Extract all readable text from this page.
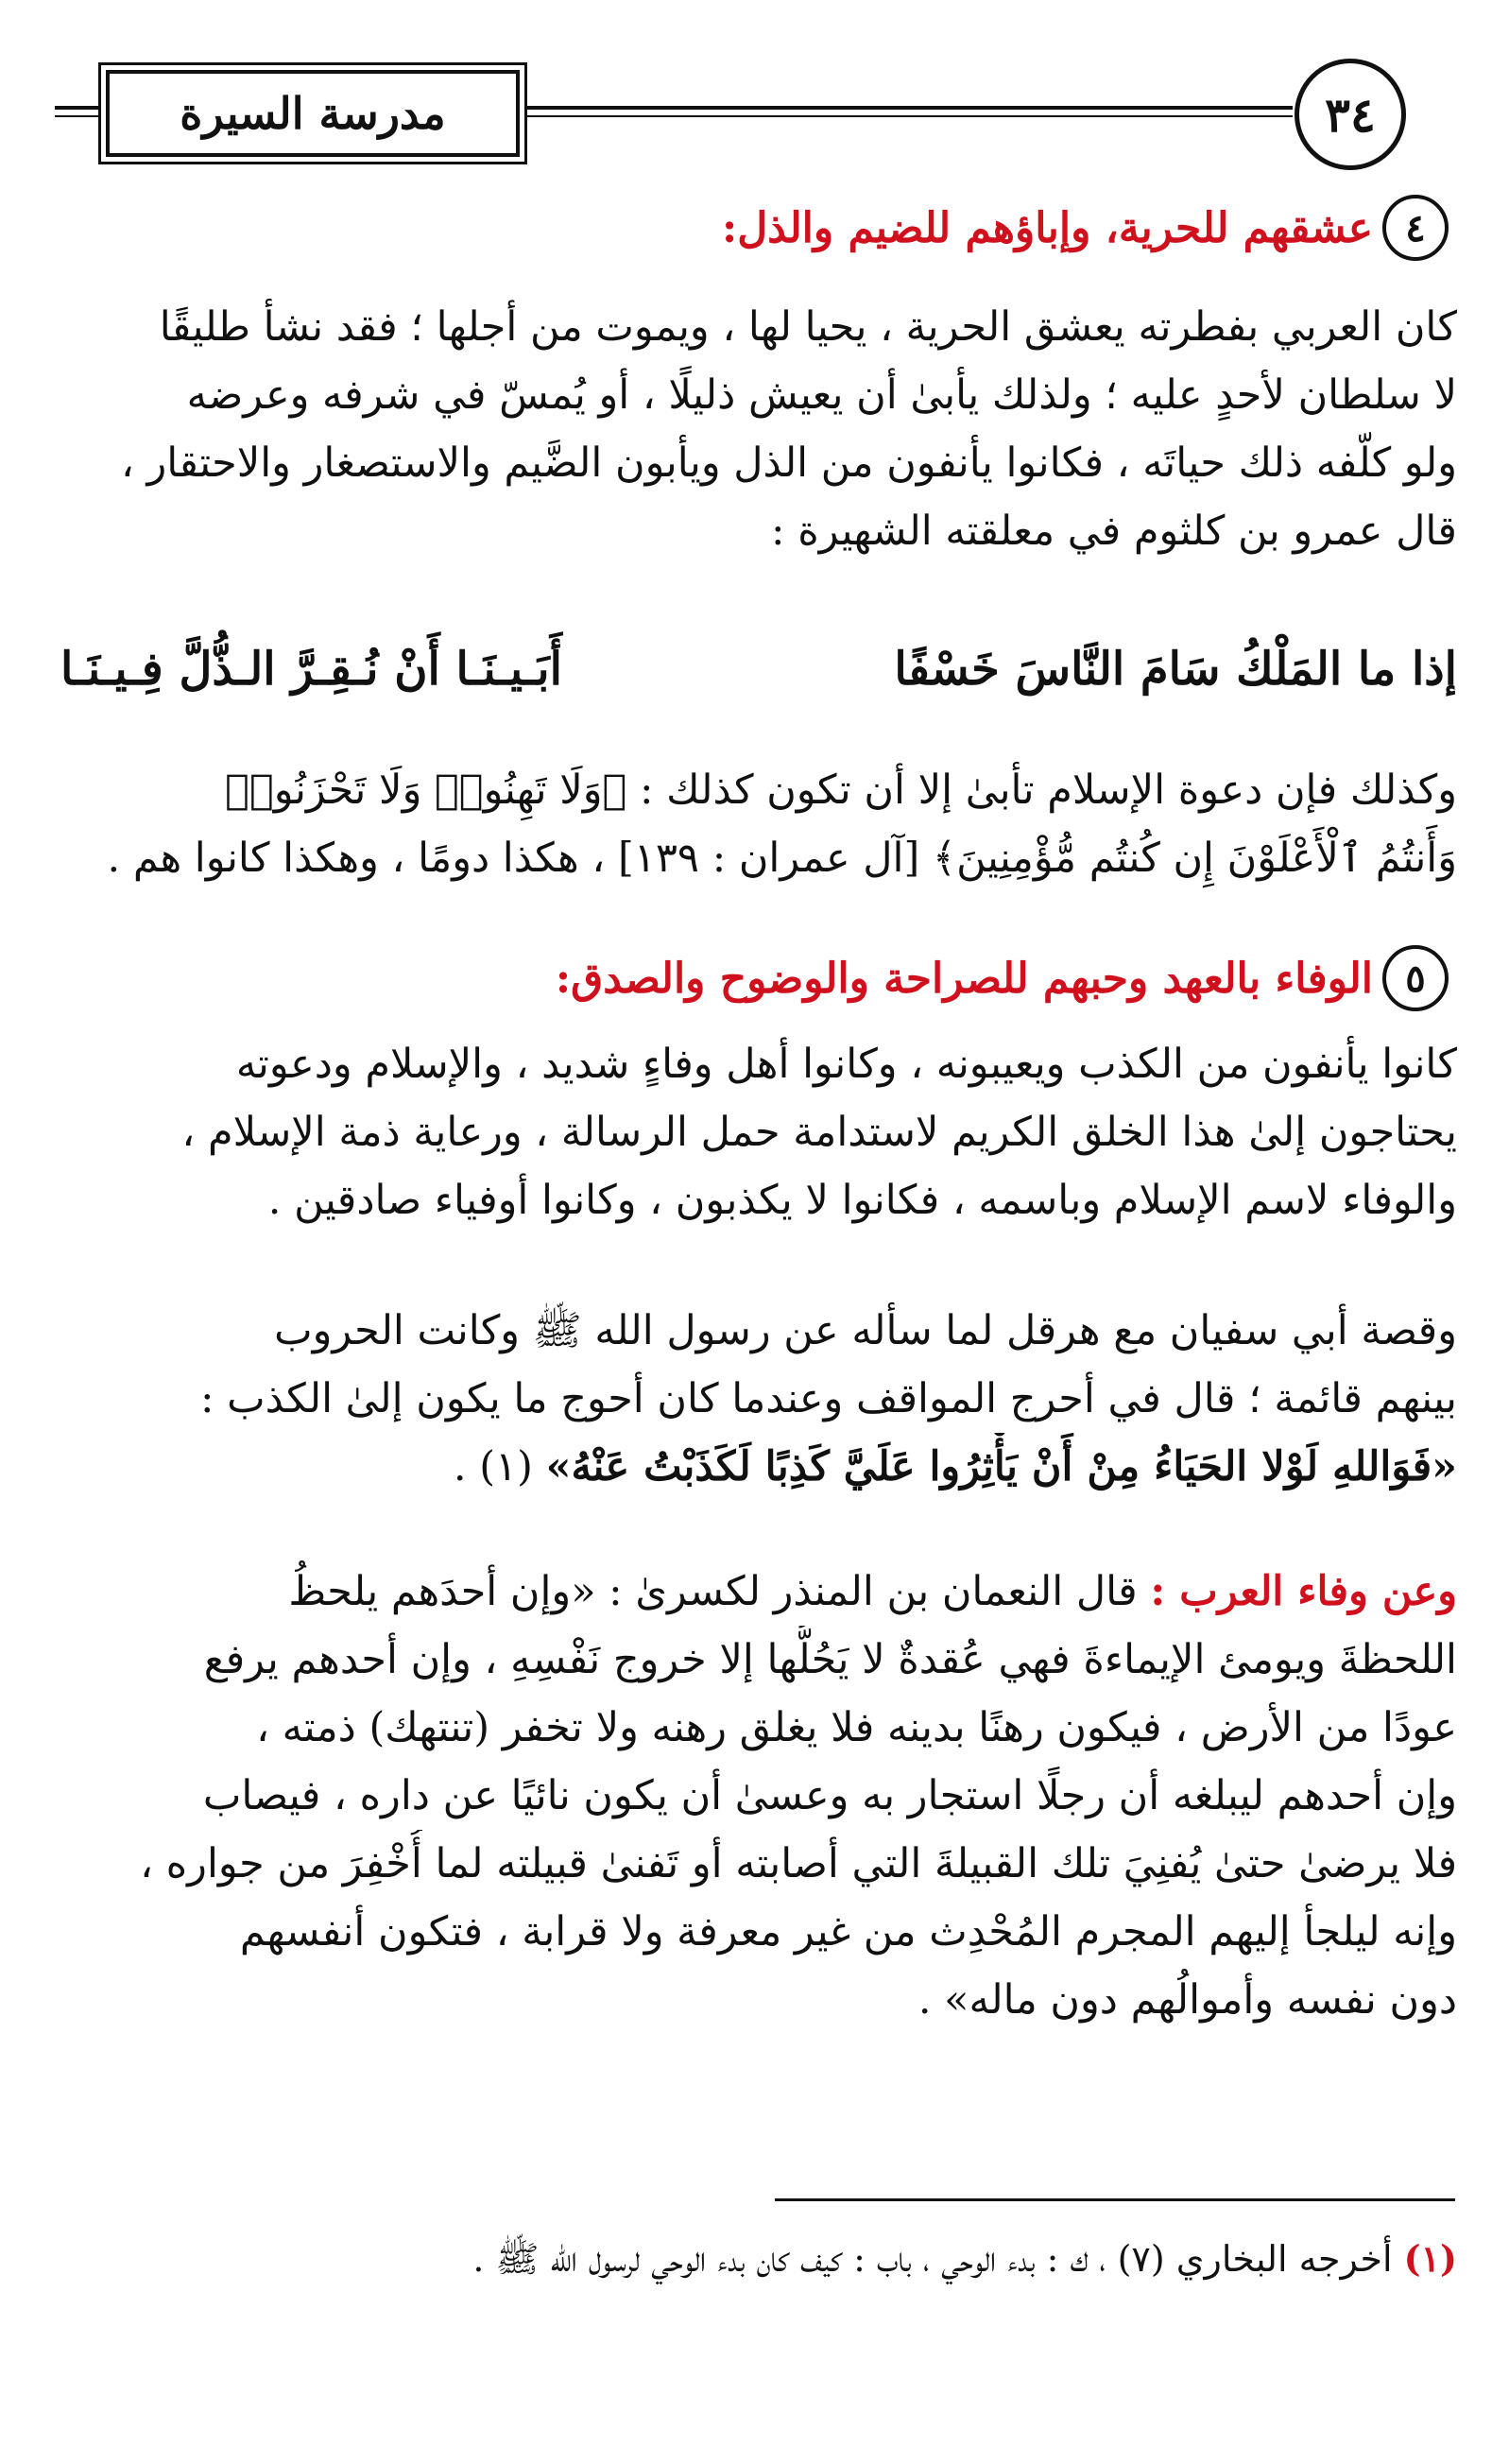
مدرسة السيرة	٣٤
٤
عشقهم للحرية، وإباؤهم للضيم والذل:
كان العربي بفطرته يعشق الحرية ، يحيا لها ، ويموت من أجلها ؛ فقد نشأ طليقًا
لا سلطان لأحدٍ عليه ؛ ولذلك يأبىٰ أن يعيش ذليلًا ، أو يُمسّ في شرفه وعرضه
ولو كلّفه ذلك حياتَه ، فكانوا يأنفون من الذل ويأبون الضَّيم والاستصغار والاحتقار ،
قال عمرو بن كلثوم في معلقته الشهيرة :
إذا ما المَلْكُ سَامَ النَّاسَ خَسْفًا
أَبَـيـنَـا أَنْ نُـقِـرَّ الـذُّلَّ فِـيـنَـا
وكذلك فإن دعوة الإسلام تأبىٰ إلا أن تكون كذلك : ﴿وَلَا تَهِنُوا۟ وَلَا تَحْزَنُوا۟
وَأَنتُمُ ٱلْأَعْلَوْنَ إِن كُنتُم مُّؤْمِنِينَ﴾ [آل عمران : ١٣٩] ، هكذا دومًا ، وهكذا كانوا هم .
٥
الوفاء بالعهد وحبهم للصراحة والوضوح والصدق:
كانوا يأنفون من الكذب ويعيبونه ، وكانوا أهل وفاءٍ شديد ، والإسلام ودعوته
يحتاجون إلىٰ هذا الخلق الكريم لاستدامة حمل الرسالة ، ورعاية ذمة الإسلام ،
والوفاء لاسم الإسلام وباسمه ، فكانوا لا يكذبون ، وكانوا أوفياء صادقين .
وقصة أبي سفيان مع هرقل لما سأله عن رسول الله ﷺ وكانت الحروب
بينهم قائمة ؛ قال في أحرج المواقف وعندما كان أحوج ما يكون إلىٰ الكذب :
«فَوَاللهِ لَوْلا الحَيَاءُ مِنْ أَنْ يَأْثِرُوا عَلَيَّ كَذِبًا لَكَذَبْتُ عَنْهُ» (١) .
وعن وفاء العرب : قال النعمان بن المنذر لكسرىٰ : «وإن أحدَهم يلحظُ
اللحظةَ ويومئ الإيماءةَ فهي عُقدةٌ لا يَحُلُّها إلا خروج نَفْسِهِ ، وإن أحدهم يرفع
عودًا من الأرض ، فيكون رهنًا بدينه فلا يغلق رهنه ولا تخفر (تنتهك) ذمته ،
وإن أحدهم ليبلغه أن رجلًا استجار به وعسىٰ أن يكون نائيًا عن داره ، فيصاب
فلا يرضىٰ حتىٰ يُفنِيَ تلك القبيلةَ التي أصابته أو تَفنىٰ قبيلته لما أُخْفِرَ من جواره ،
وإنه ليلجأ إليهم المجرم المُحْدِث من غير معرفة ولا قرابة ، فتكون أنفسهم
دون نفسه وأموالُهم دون ماله» .
(١) أخرجه البخاري (٧) ، ك : بدء الوحي ، باب : كيف كان بدء الوحي لرسول الله ﷺ .
